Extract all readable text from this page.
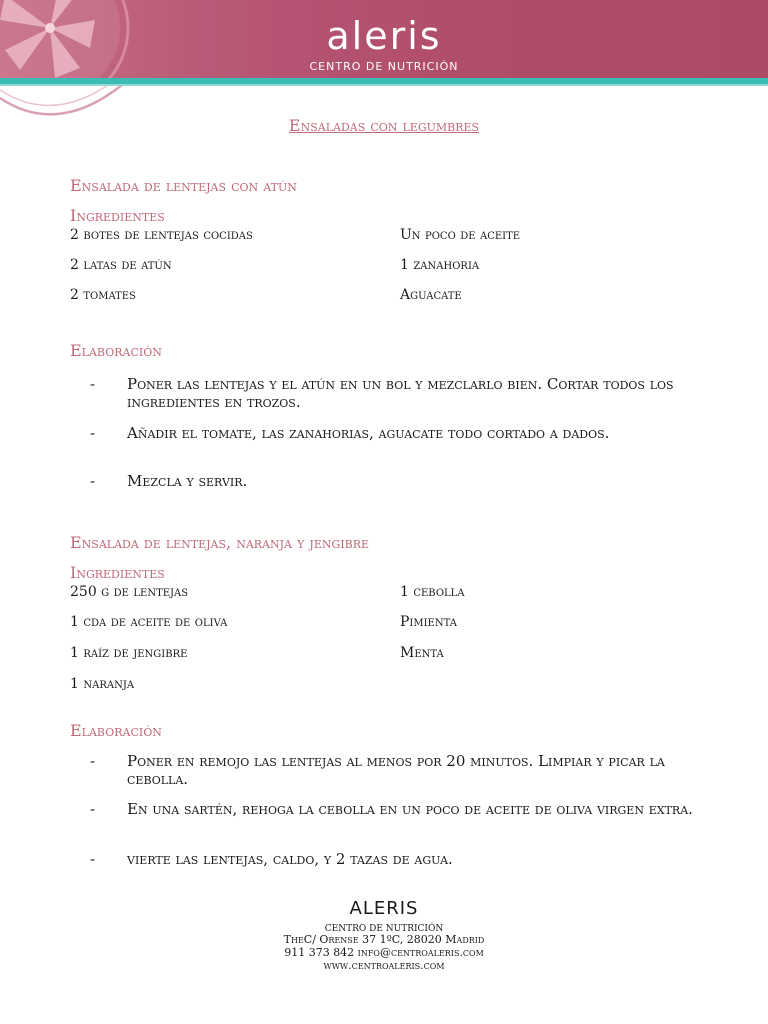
aleris
CENTRO DE NUTRICIÓN
Ensaladas con legumbres
Ensalada de lentejas con atún
Ingredientes
2 botes de lentejas cocidas	Un poco de aceite
2 latas de atún	1 zanahoria
2 tomates	Aguacate
Elaboración
- Poner las lentejas y el atún en un bol y mezclarlo bien. Cortar todos los ingredientes en trozos.
- Añadir el tomate, las zanahorias, aguacate todo cortado a dados.
- Mezcla y servir.
Ensalada de lentejas, naranja y jengibre
Ingredientes
250 g de lentejas	1 cebolla
1 cda de aceite de oliva	Pimienta
1 raíz de jengibre	Menta
1 naranja
Elaboración
- Poner en remojo las lentejas al menos por 20 minutos. Limpiar y picar la cebolla.
- En una sartén, rehoga la cebolla en un poco de aceite de oliva virgen extra.
- vierte las lentejas, caldo, y 2 tazas de agua.
ALERIS
CENTRO DE NUTRICIÓN
TheC/ Orense 37 1ºC, 28020 Madrid
911 373 842 info@centroaleris.com
www.centroaleris.com
